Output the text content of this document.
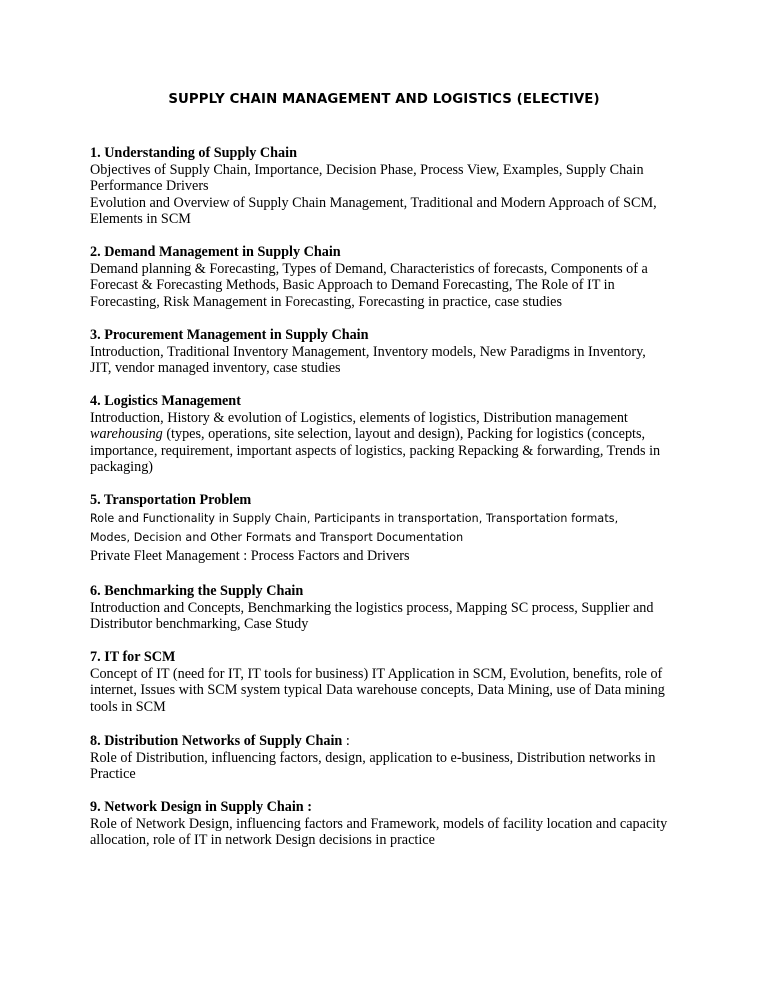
SUPPLY CHAIN MANAGEMENT AND LOGISTICS (ELECTIVE)
1. Understanding of Supply Chain
Objectives of Supply Chain, Importance, Decision Phase, Process View, Examples, Supply Chain
Performance Drivers
Evolution and Overview of Supply Chain Management, Traditional and Modern Approach of SCM,
Elements in SCM
2. Demand Management in Supply Chain
Demand planning & Forecasting, Types of Demand, Characteristics of forecasts, Components of a
Forecast & Forecasting Methods, Basic Approach to Demand Forecasting, The Role of IT in
Forecasting, Risk Management in Forecasting, Forecasting in practice, case studies
3. Procurement Management in Supply Chain
Introduction, Traditional Inventory Management, Inventory models, New Paradigms in Inventory,
JIT, vendor managed inventory, case studies
4. Logistics Management
Introduction, History & evolution of Logistics, elements of logistics, Distribution management
warehousing (types, operations, site selection, layout and design), Packing for logistics (concepts,
importance, requirement, important aspects of logistics, packing Repacking & forwarding, Trends in
packaging)
5. Transportation Problem
Role and Functionality in Supply Chain, Participants in transportation, Transportation formats,
Modes, Decision and Other Formats and Transport Documentation
Private Fleet Management : Process Factors and Drivers
6. Benchmarking the Supply Chain
Introduction and Concepts, Benchmarking the logistics process, Mapping SC process, Supplier and
Distributor benchmarking, Case Study
7. IT for SCM
Concept of IT (need for IT, IT tools for business) IT Application in SCM, Evolution, benefits, role of
internet, Issues with SCM system typical Data warehouse concepts, Data Mining, use of Data mining
tools in SCM
8. Distribution Networks of Supply Chain :
Role of Distribution, influencing factors, design, application to e-business, Distribution networks in
Practice
9. Network Design in Supply Chain :
Role of Network Design, influencing factors and Framework, models of facility location and capacity
allocation, role of IT in network Design decisions in practice
